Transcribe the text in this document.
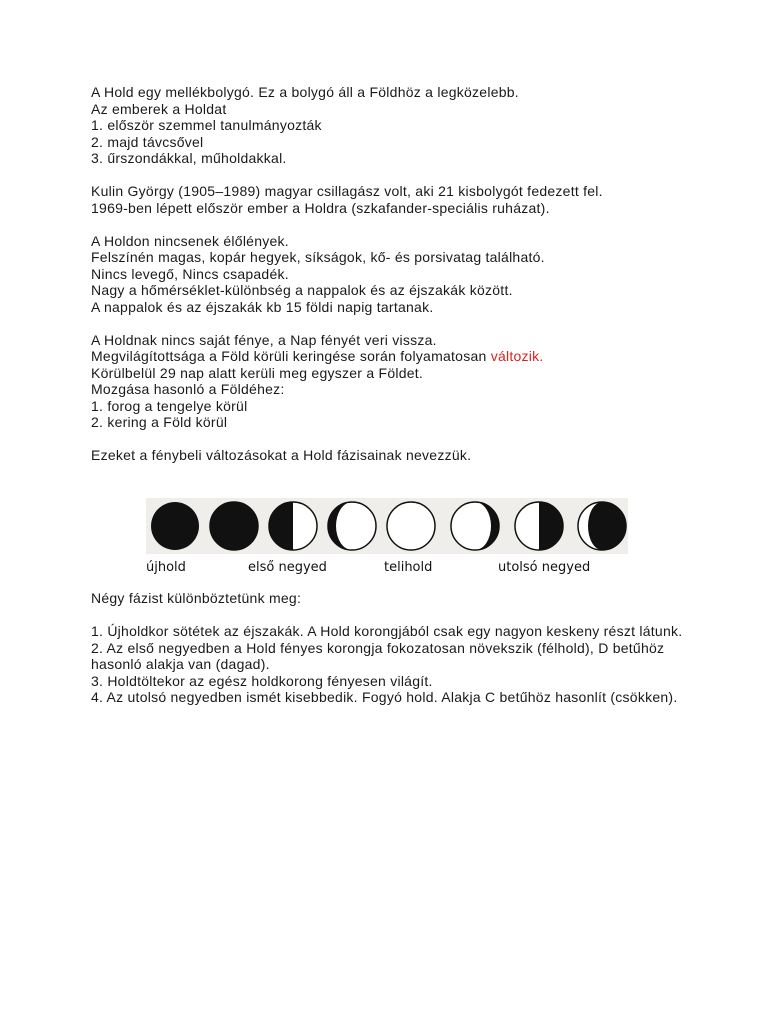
A Hold egy mellékbolygó. Ez a bolygó áll a Földhöz a legközelebb.
Az emberek a Holdat
1. először szemmel tanulmányozták
2. majd távcsővel
3. űrszondákkal, műholdakkal.
Kulin György (1905–1989) magyar csillagász volt, aki 21 kisbolygót fedezett fel.
1969-ben lépett először ember a Holdra (szkafander-speciális ruházat).
A Holdon nincsenek élőlények.
Felszínén magas, kopár hegyek, síkságok, kő- és porsivatag található.
Nincs levegő, Nincs csapadék.
Nagy a hőmérséklet-különbség a nappalok és az éjszakák között.
A nappalok és az éjszakák kb 15 földi napig tartanak.
A Holdnak nincs saját fénye, a Nap fényét veri vissza.
Megvilágítottsága a Föld körüli keringése során folyamatosan változik.
Körülbelül 29 nap alatt kerüli meg egyszer a Földet.
Mozgása hasonló a Földéhez:
1. forog a tengelye körül
2. kering a Föld körül
Ezeket a fénybeli változásokat a Hold fázisainak nevezzük.
újhold	első negyed	telihold	utolsó negyed
Négy fázist különböztetünk meg:
1. Újholdkor sötétek az éjszakák. A Hold korongjából csak egy nagyon keskeny részt látunk.
2. Az első negyedben a Hold fényes korongja fokozatosan növekszik (félhold), D betűhöz hasonló alakja van (dagad).
3. Holdtöltekor az egész holdkorong fényesen világít.
4. Az utolsó negyedben ismét kisebbedik. Fogyó hold. Alakja C betűhöz hasonlít (csökken).
